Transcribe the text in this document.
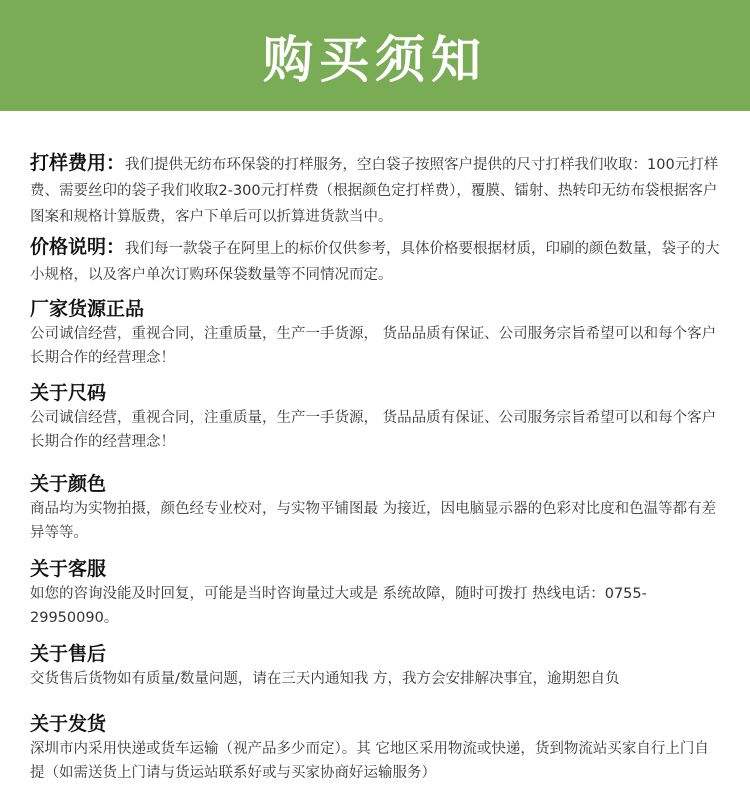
购买须知

打样费用：我们提供无纺布环保袋的打样服务，空白袋子按照客户提供的尺寸打样我们收取：100元打样费、需要丝印的袋子我们收取2-300元打样费（根据颜色定打样费），覆膜、镭射、热转印无纺布袋根据客户图案和规格计算版费，客户下单后可以折算进货款当中。

价格说明：我们每一款袋子在阿里上的标价仅供参考，具体价格要根据材质，印刷的颜色数量，袋子的大小规格，以及客户单次订购环保袋数量等不同情况而定。

厂家货源正品

公司诚信经营，重视合同，注重质量，生产一手货源， 货品品质有保证、公司服务宗旨希望可以和每个客户长期合作的经营理念！

关于尺码

公司诚信经营，重视合同，注重质量，生产一手货源， 货品品质有保证、公司服务宗旨希望可以和每个客户长期合作的经营理念！

关于颜色

商品均为实物拍摄，颜色经专业校对，与实物平铺图最 为接近，因电脑显示器的色彩对比度和色温等都有差异等等。

关于客服

如您的咨询没能及时回复，可能是当时咨询量过大或是 系统故障，随时可拨打 热线电话：0755-29950090。

关于售后

交货售后货物如有质量/数量问题，请在三天内通知我 方，我方会安排解决事宜，逾期恕自负

关于发货

深圳市内采用快递或货车运输（视产品多少而定）。其 它地区采用物流或快递，货到物流站买家自行上门自提（如需送货上门请与货运站联系好或与买家协商好运输服务）
